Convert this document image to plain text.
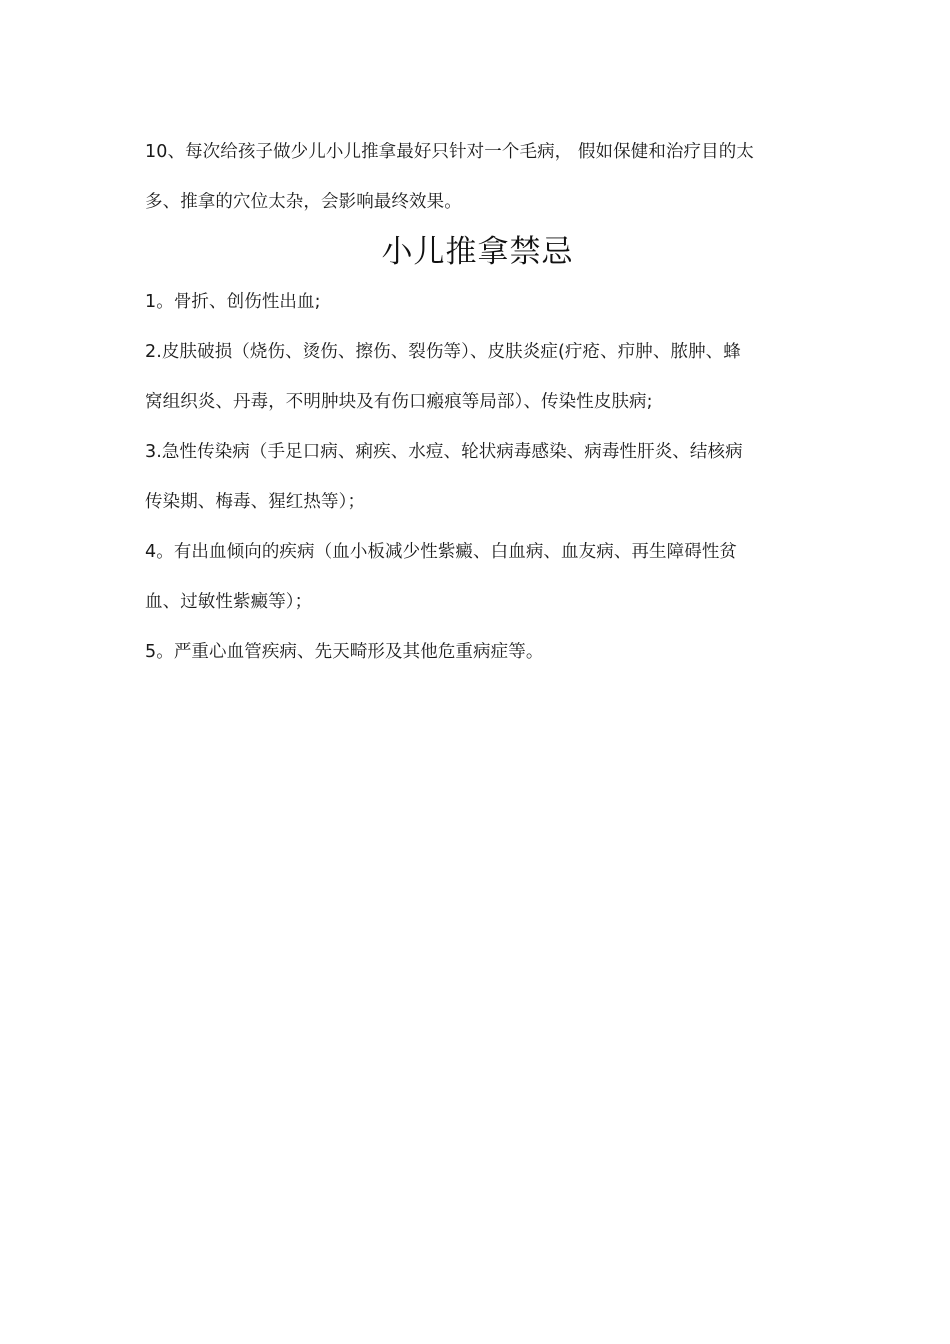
10、每次给孩子做少儿小儿推拿最好只针对一个毛病， 假如保健和治疗目的太
多、推拿的穴位太杂，会影响最终效果。
小儿推拿禁忌
1。骨折、创伤性出血;
2.皮肤破损（烧伤、烫伤、擦伤、裂伤等）、皮肤炎症(疔疮、疖肿、脓肿、蜂
窝组织炎、丹毒，不明肿块及有伤口瘢痕等局部）、传染性皮肤病;
3.急性传染病（手足口病、痢疾、水痘、轮状病毒感染、病毒性肝炎、结核病
传染期、梅毒、猩红热等）；
4。有出血倾向的疾病（血小板减少性紫癜、白血病、血友病、再生障碍性贫
血、过敏性紫癜等）；
5。严重心血管疾病、先天畸形及其他危重病症等。
